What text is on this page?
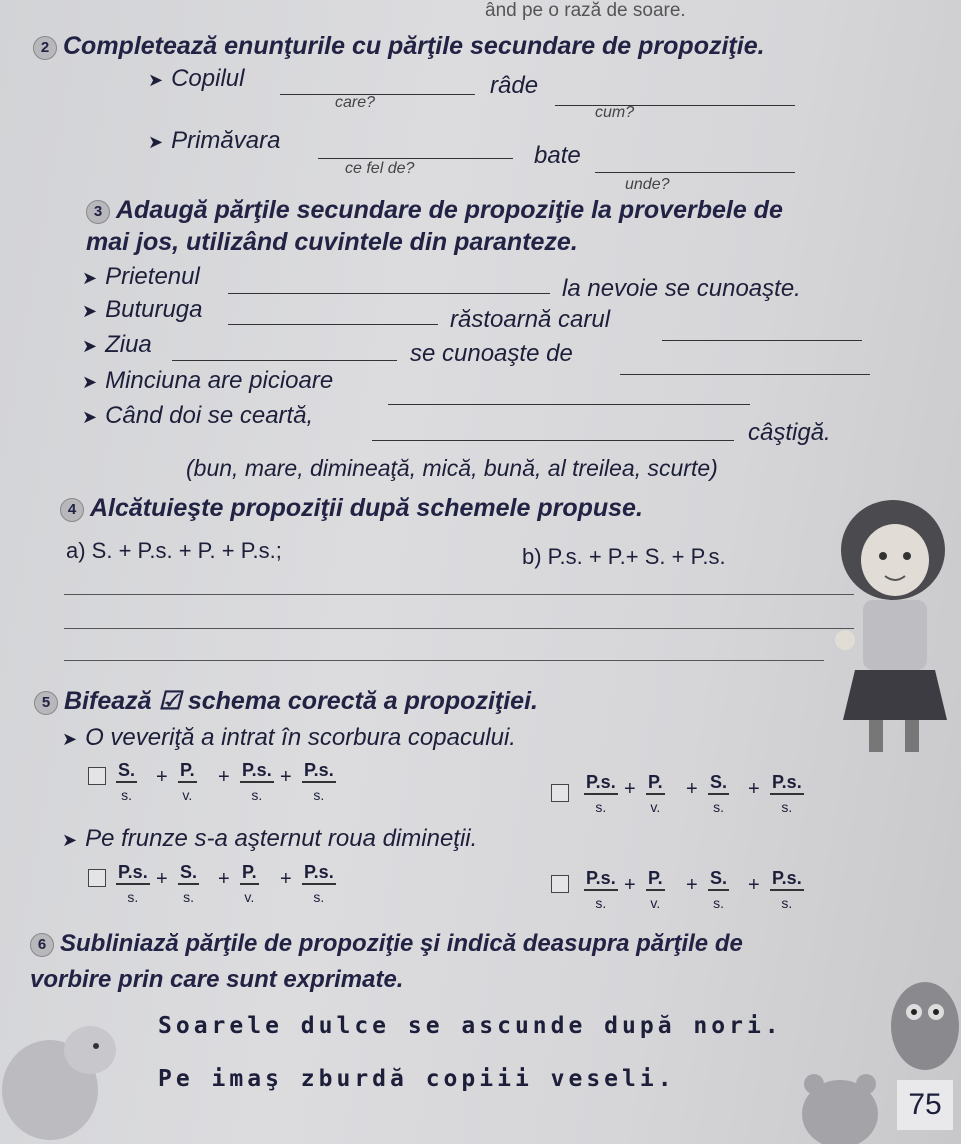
ând pe o rază de soare.
2 Completează enunţurile cu părţile secundare de propoziţie.
➤ Copilul
care?
râde
cum?
➤ Primăvara
ce fel de?	bate
unde?
3 Adaugă părţile secundare de propoziţie la proverbele de
mai jos, utilizând cuvintele din paranteze.
➤ Prietenul	la nevoie se cunoaşte.
➤ Buturuga	răstoarnă carul
➤ Ziua	se cunoaşte de
➤ Minciuna are picioare
➤ Când doi se ceartă,
câştigă.
(bun, mare, dimineaţă, mică, bună, al treilea, scurte)
4 Alcătuieşte propoziţii după schemele propuse.
a) S. + P.s. + P. + P.s.;	b) P.s. + P.+ S. + P.s.
5 Bifează ☑ schema corectă a propoziţiei.
➤ O veveriţă a intrat în scorbura copacului.
➤ Pe frunze s-a aşternut roua dimineţii.
S.
s.
+ P.
v.
+ P.s.
s.
+ P.s.
s.
P.s.
s.
+ P.
v.
+ S.
s.
+ P.s.
s.
P.s.
s.
+ S.
s.
+ P.
v.
+ P.s.
s.
P.s.
s.
+ P.
v.
+ S.
s.
+ P.s.
s.
6 Subliniază părţile de propoziţie şi indică deasupra părţile de
vorbire prin care sunt exprimate.
Soarele dulce se ascunde după nori.
Pe imaş zburdă copiii veseli.
75
